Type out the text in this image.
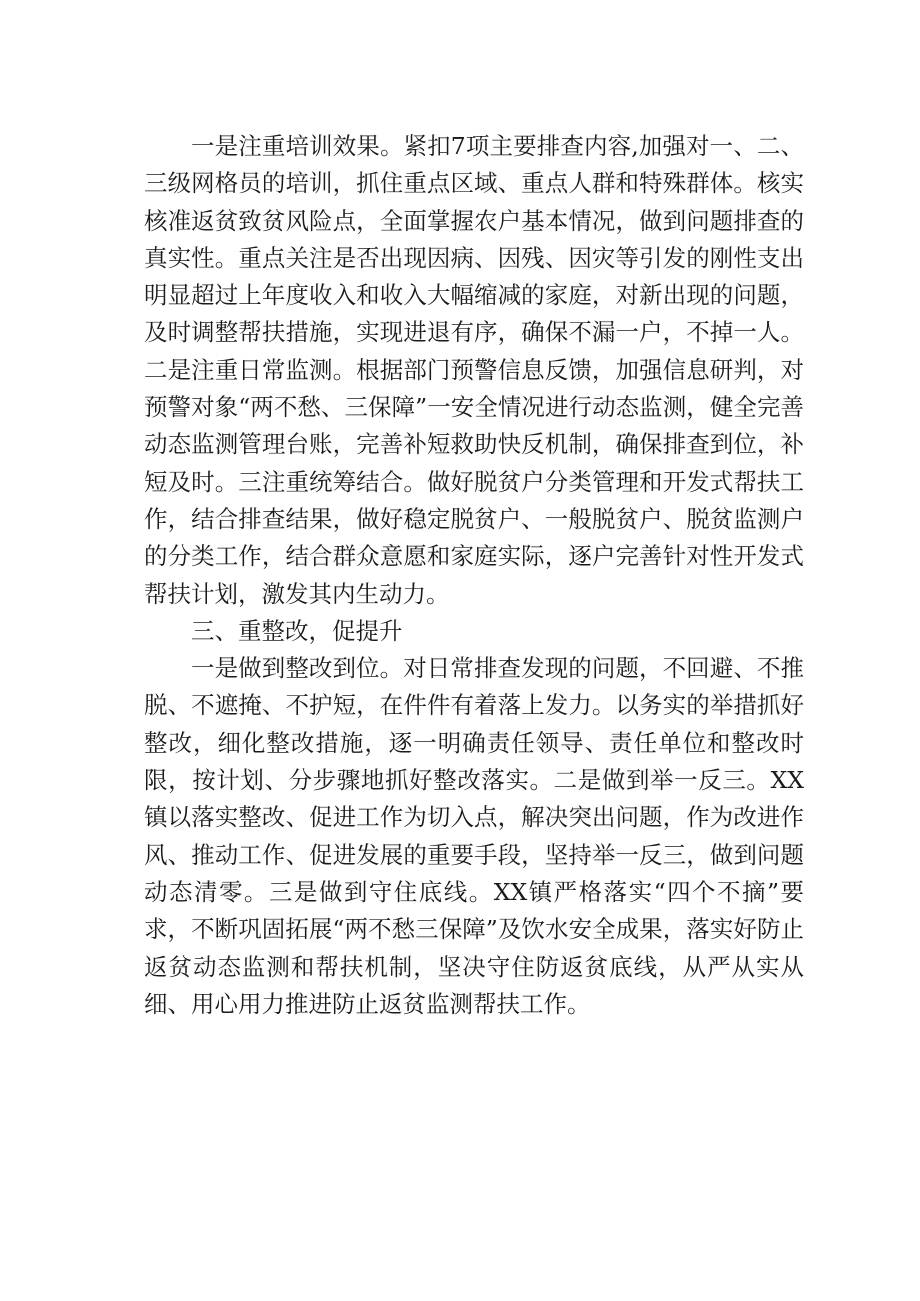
一是注重培训效果。紧扣7项主要排查内容,加强对一、二、三级网格员的培训，抓住重点区域、重点人群和特殊群体。核实核准返贫致贫风险点，全面掌握农户基本情况，做到问题排查的真实性。重点关注是否出现因病、因残、因灾等引发的刚性支出明显超过上年度收入和收入大幅缩减的家庭，对新出现的问题，及时调整帮扶措施，实现进退有序，确保不漏一户，不掉一人。二是注重日常监测。根据部门预警信息反馈，加强信息研判，对预警对象“两不愁、三保障”一安全情况进行动态监测，健全完善动态监测管理台账，完善补短救助快反机制，确保排查到位，补短及时。三注重统筹结合。做好脱贫户分类管理和开发式帮扶工作，结合排查结果，做好稳定脱贫户、一般脱贫户、脱贫监测户的分类工作，结合群众意愿和家庭实际，逐户完善针对性开发式帮扶计划，激发其内生动力。

三、重整改，促提升

一是做到整改到位。对日常排查发现的问题，不回避、不推脱、不遮掩、不护短，在件件有着落上发力。以务实的举措抓好整改，细化整改措施，逐一明确责任领导、责任单位和整改时限，按计划、分步骤地抓好整改落实。二是做到举一反三。XX镇以落实整改、促进工作为切入点，解决突出问题，作为改进作风、推动工作、促进发展的重要手段，坚持举一反三，做到问题动态清零。三是做到守住底线。XX镇严格落实“四个不摘”要求，不断巩固拓展“两不愁三保障”及饮水安全成果，落实好防止返贫动态监测和帮扶机制，坚决守住防返贫底线，从严从实从细、用心用力推进防止返贫监测帮扶工作。
